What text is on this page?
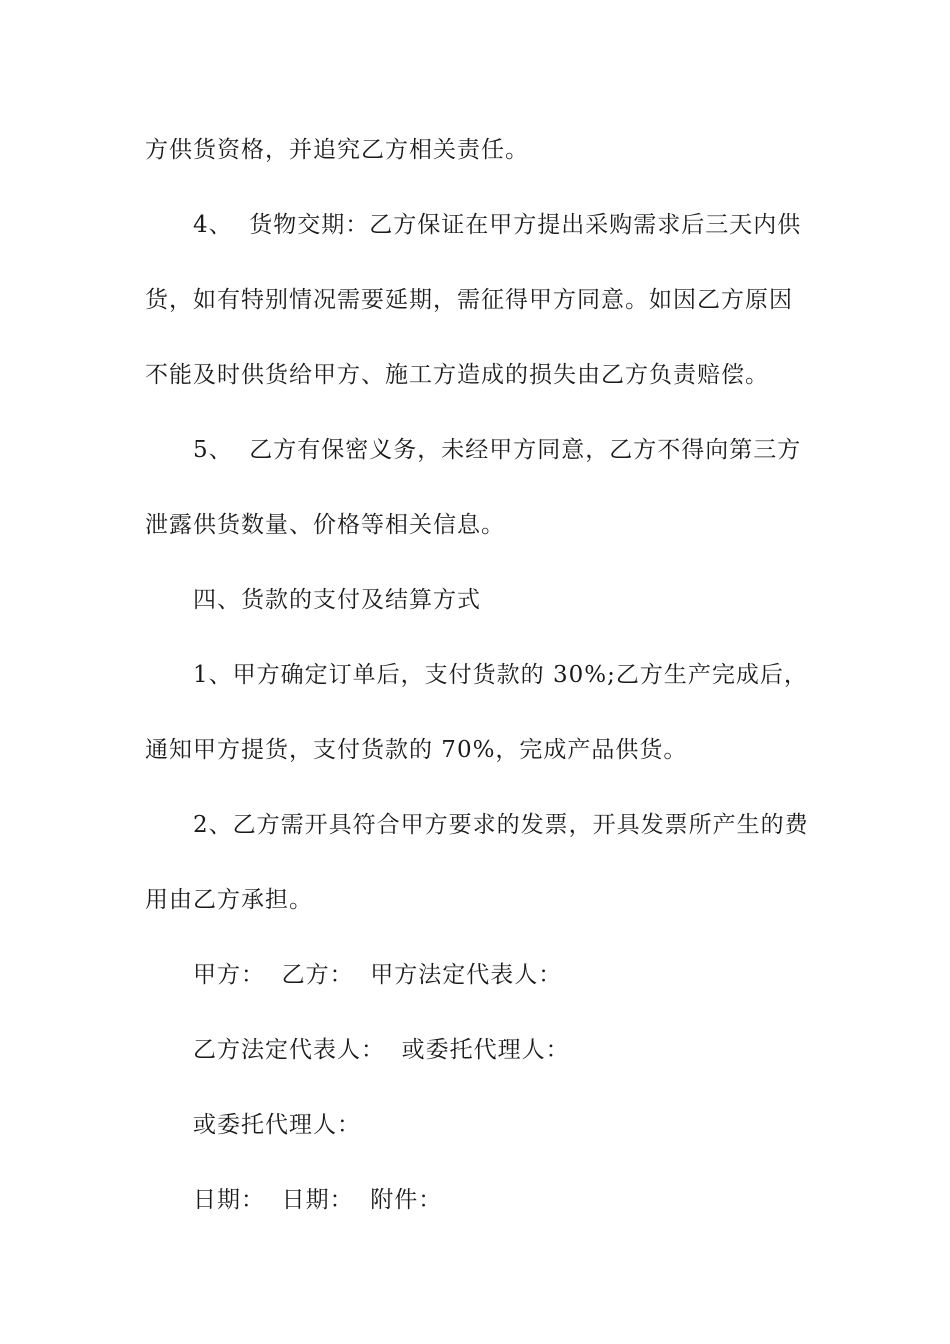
方供货资格，并追究乙方相关责任。
4、  货物交期：乙方保证在甲方提出采购需求后三天内供
货，如有特别情况需要延期，需征得甲方同意。如因乙方原因
不能及时供货给甲方、施工方造成的损失由乙方负责赔偿。
5、  乙方有保密义务，未经甲方同意，乙方不得向第三方
泄露供货数量、价格等相关信息。
四、货款的支付及结算方式
1、甲方确定订单后，支付货款的 30%;乙方生产完成后，
通知甲方提货，支付货款的 70%，完成产品供货。
2、乙方需开具符合甲方要求的发票，开具发票所产生的费
用由乙方承担。
甲方：  乙方：  甲方法定代表人：
乙方法定代表人：  或委托代理人：
或委托代理人：
日期：  日期：  附件：
